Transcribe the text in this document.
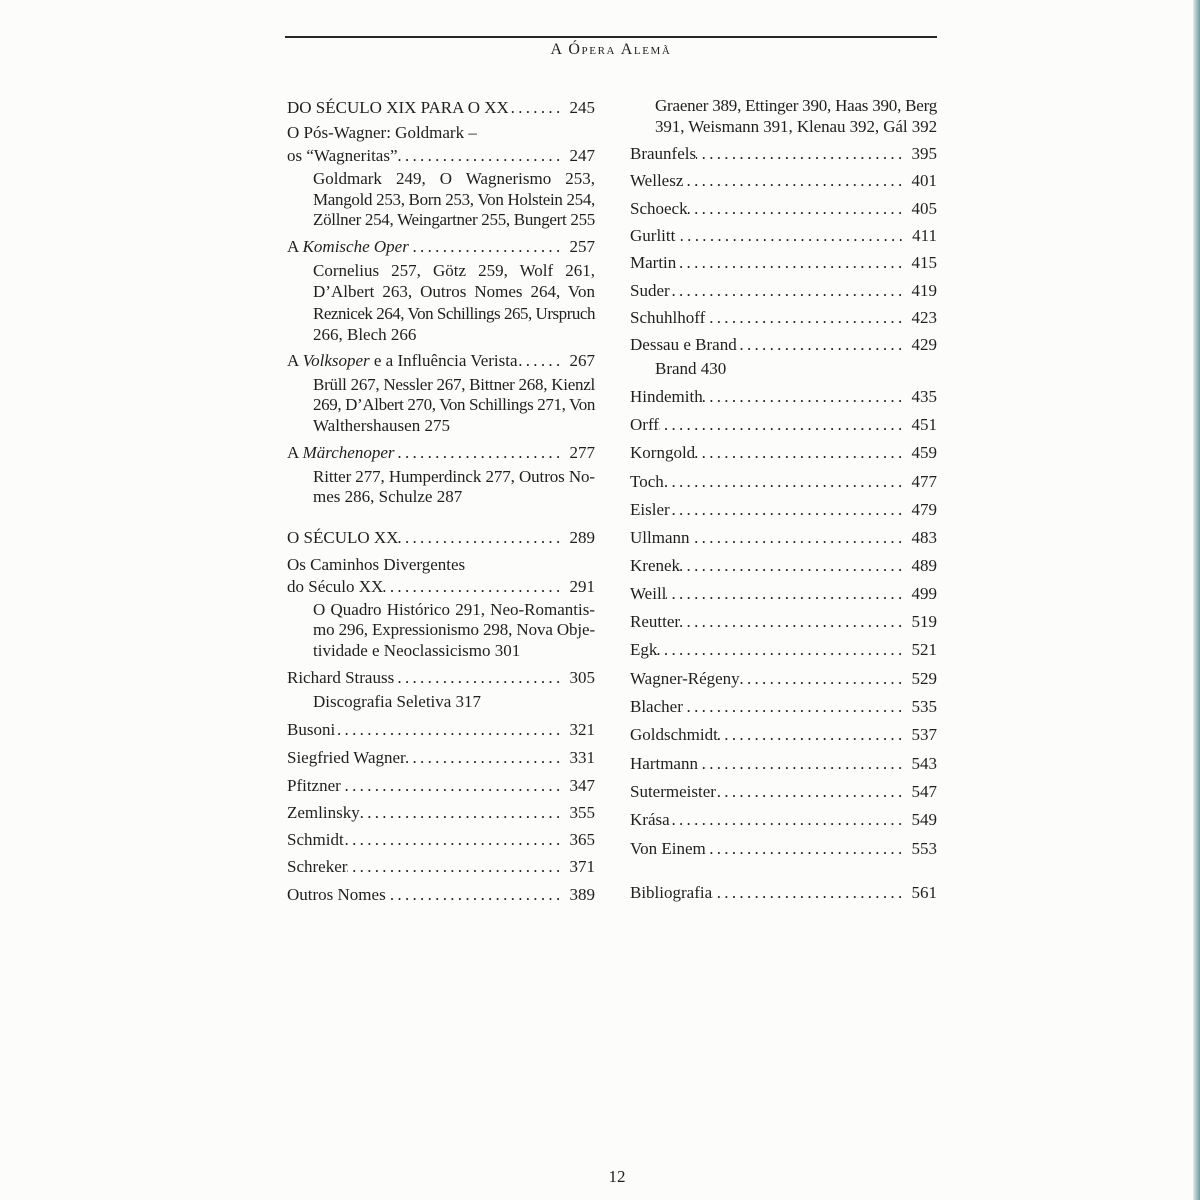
A Ópera Alemã
DO SÉCULO XIX PARA O XX .....	245
O Pós-Wagner: Goldmark –
os “Wagneritas” .....	247
Goldmark 249, O Wagnerismo 253,
Mangold 253, Born 253, Von Holstein 254,
Zöllner 254, Weingartner 255, Bungert 255
A Komische Oper .....	257
Cornelius 257, Götz 259, Wolf 261,
D’Albert 263, Outros Nomes 264, Von
Reznicek 264, Von Schillings 265, Urspruch
266, Blech 266
A Volksoper e a Influência Verista .....	267
Brüll 267, Nessler 267, Bittner 268, Kienzl
269, D’Albert 270, Von Schillings 271, Von
Walthershausen 275
A Märchenoper .....	277
Ritter 277, Humperdinck 277, Outros No-
mes 286, Schulze 287
O SÉCULO XX .....	289
Os Caminhos Divergentes
do Século XX .....	291
O Quadro Histórico 291, Neo-Romantis-
mo 296, Expressionismo 298, Nova Obje-
tividade e Neoclassicismo 301
Richard Strauss .....	305
Discografia Seletiva 317
Busoni .....	321
Siegfried Wagner .....	331
Pfitzner .....	347
Zemlinsky .....	355
Schmidt .....	365
Schreker .....	371
Outros Nomes .....	389
Graener 389, Ettinger 390, Haas 390, Berg
391, Weismann 391, Klenau 392, Gál 392
Braunfels .....	395
Wellesz .....	401
Schoeck .....	405
Gurlitt .....	411
Martin .....	415
Suder .....	419
Schuhlhoff .....	423
Dessau e Brand .....	429
Brand 430
Hindemith .....	435
Orff .....	451
Korngold .....	459
Toch .....	477
Eisler .....	479
Ullmann .....	483
Krenek .....	489
Weill .....	499
Reutter .....	519
Egk .....	521
Wagner-Régeny .....	529
Blacher .....	535
Goldschmidt .....	537
Hartmann .....	543
Sutermeister .....	547
Krása .....	549
Von Einem .....	553
Bibliografia .....	561
12
